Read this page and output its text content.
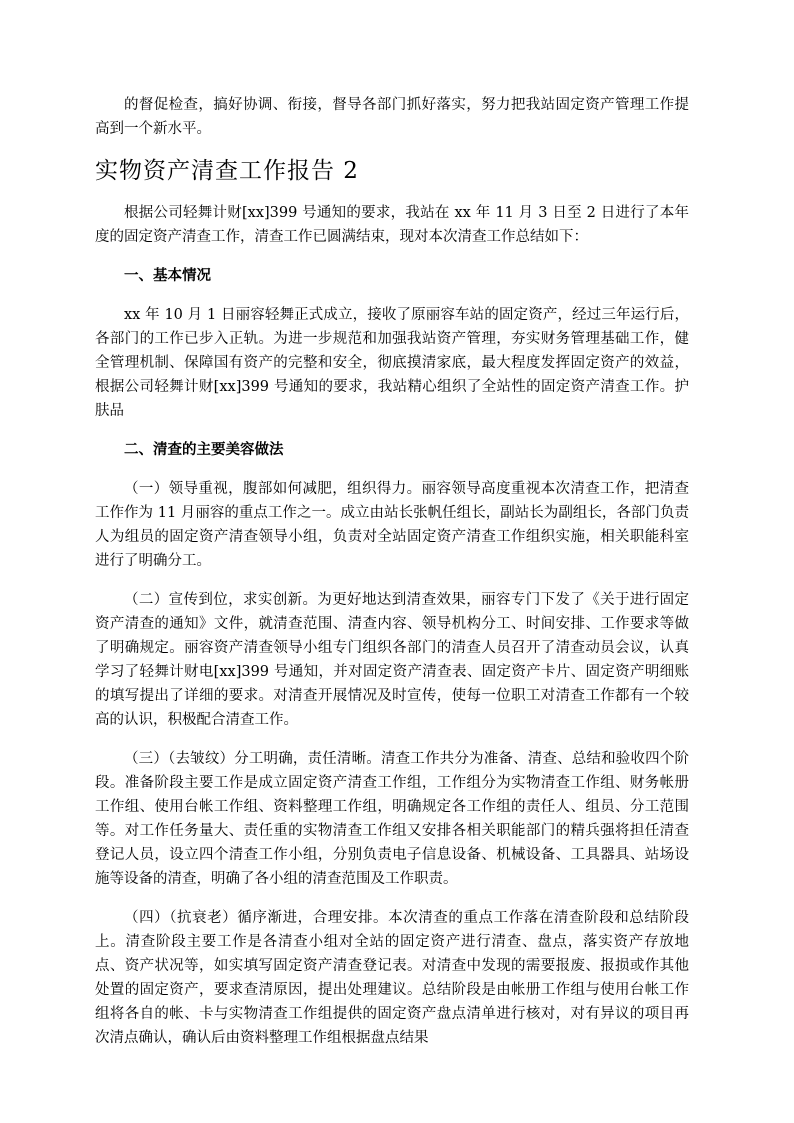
的督促检查，搞好协调、衔接，督导各部门抓好落实，努力把我站固定资产管理工作提高到一个新水平。

实物资产清查工作报告 2

根据公司轻舞计财[xx]399 号通知的要求，我站在 xx 年 11 月 3 日至 2 日进行了本年度的固定资产清查工作，清查工作已圆满结束，现对本次清查工作总结如下：

一、基本情况

xx 年 10 月 1 日丽容轻舞正式成立，接收了原丽容车站的固定资产，经过三年运行后，各部门的工作已步入正轨。为进一步规范和加强我站资产管理，夯实财务管理基础工作，健全管理机制、保障国有资产的完整和安全，彻底摸清家底，最大程度发挥固定资产的效益，根据公司轻舞计财[xx]399 号通知的要求，我站精心组织了全站性的固定资产清查工作。护肤品

二、清查的主要美容做法

（一）领导重视，腹部如何减肥，组织得力。丽容领导高度重视本次清查工作，把清查工作作为 11 月丽容的重点工作之一。成立由站长张帆任组长，副站长为副组长，各部门负责人为组员的固定资产清查领导小组，负责对全站固定资产清查工作组织实施，相关职能科室进行了明确分工。

（二）宣传到位，求实创新。为更好地达到清查效果，丽容专门下发了《关于进行固定资产清查的通知》文件，就清查范围、清查内容、领导机构分工、时间安排、工作要求等做了明确规定。丽容资产清查领导小组专门组织各部门的清查人员召开了清查动员会议，认真学习了轻舞计财电[xx]399 号通知，并对固定资产清查表、固定资产卡片、固定资产明细账的填写提出了详细的要求。对清查开展情况及时宣传，使每一位职工对清查工作都有一个较高的认识，积极配合清查工作。

（三）（去皱纹）分工明确，责任清晰。清查工作共分为准备、清查、总结和验收四个阶段。准备阶段主要工作是成立固定资产清查工作组，工作组分为实物清查工作组、财务帐册工作组、使用台帐工作组、资料整理工作组，明确规定各工作组的责任人、组员、分工范围等。对工作任务量大、责任重的实物清查工作组又安排各相关职能部门的精兵强将担任清查登记人员，设立四个清查工作小组，分别负责电子信息设备、机械设备、工具器具、站场设施等设备的清查，明确了各小组的清查范围及工作职责。

（四）（抗衰老）循序渐进，合理安排。本次清查的重点工作落在清查阶段和总结阶段上。清查阶段主要工作是各清查小组对全站的固定资产进行清查、盘点，落实资产存放地点、资产状况等，如实填写固定资产清查登记表。对清查中发现的需要报废、报损或作其他处置的固定资产，要求查清原因，提出处理建议。总结阶段是由帐册工作组与使用台帐工作组将各自的帐、卡与实物清查工作组提供的固定资产盘点清单进行核对，对有异议的项目再次清点确认，确认后由资料整理工作组根据盘点结果
